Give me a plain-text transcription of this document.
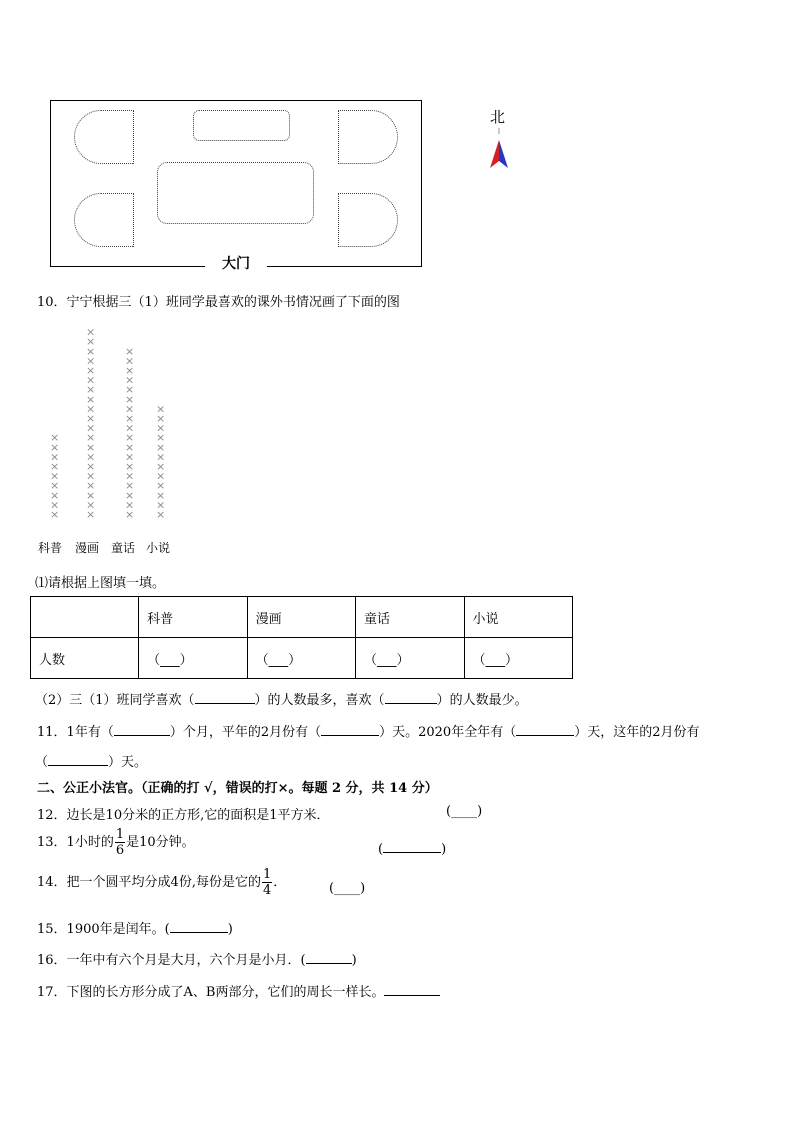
大门
北
10．宁宁根据三（1）班同学最喜欢的课外书情况画了下面的图
×
×
×
×
×
×
×
×
×
×
×
×
×
×
×
×
×
×
×
×
×
×
×
×
×
×
×
×
×
×
×
×
×
×
×
×
×
×
×
×
×
×
×
×
×
×
×
×
×
×
×
×
×
×
×
×
×
×
×
科普 漫画 童话 小说
⑴请根据上图填一填。
	科普	漫画	童话	小说
人数	（___）	（___）	（___）	（___）
（2）三（1）班同学喜欢（	）的人数最多，喜欢（	）的人数最少。
11．1年有（	）个月，平年的2月份有（	）天。2020年全年有（	）天，这年的2月份有
（	）天。
二、公正小法官。（正确的打 √，错误的打×。每题 2 分，共 14 分）
12．边长是10分米的正方形,它的面积是1平方米．	(____)
13．1小时的 $\frac{1}{6}$ 是10分钟。	(	)
14．把一个圆平均分成4份,每份是它的 $\frac{1}{4}$ ．	(____)
15．1900年是闰年。(	)
16．一年中有六个月是大月，六个月是小月．(	)
17．下图的长方形分成了A、B两部分，它们的周长一样长。
